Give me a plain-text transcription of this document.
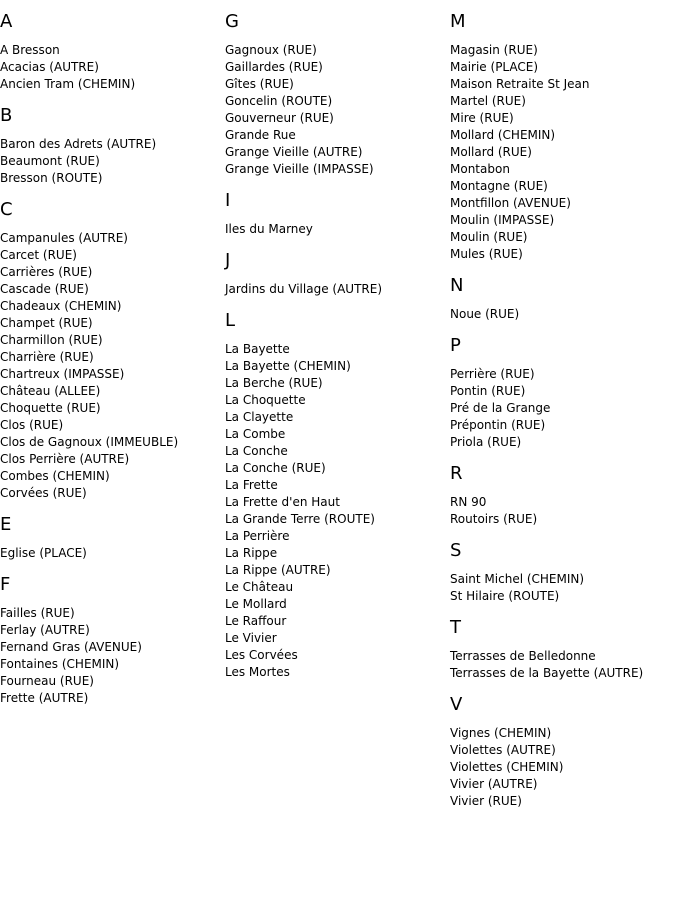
A
A Bresson
Acacias (AUTRE)
Ancien Tram (CHEMIN)
B
Baron des Adrets (AUTRE)
Beaumont (RUE)
Bresson (ROUTE)
C
Campanules (AUTRE)
Carcet (RUE)
Carrières (RUE)
Cascade (RUE)
Chadeaux (CHEMIN)
Champet (RUE)
Charmillon (RUE)
Charrière (RUE)
Chartreux (IMPASSE)
Château (ALLEE)
Choquette (RUE)
Clos (RUE)
Clos de Gagnoux (IMMEUBLE)
Clos Perrière (AUTRE)
Combes (CHEMIN)
Corvées (RUE)
E
Eglise (PLACE)
F
Failles (RUE)
Ferlay (AUTRE)
Fernand Gras (AVENUE)
Fontaines (CHEMIN)
Fourneau (RUE)
Frette (AUTRE)
G
Gagnoux (RUE)
Gaillardes (RUE)
Gîtes (RUE)
Goncelin (ROUTE)
Gouverneur (RUE)
Grande Rue
Grange Vieille (AUTRE)
Grange Vieille (IMPASSE)
I
Iles du Marney
J
Jardins du Village (AUTRE)
L
La Bayette
La Bayette (CHEMIN)
La Berche (RUE)
La Choquette
La Clayette
La Combe
La Conche
La Conche (RUE)
La Frette
La Frette d'en Haut
La Grande Terre (ROUTE)
La Perrière
La Rippe
La Rippe (AUTRE)
Le Château
Le Mollard
Le Raffour
Le Vivier
Les Corvées
Les Mortes
M
Magasin (RUE)
Mairie (PLACE)
Maison Retraite St Jean
Martel (RUE)
Mire (RUE)
Mollard (CHEMIN)
Mollard (RUE)
Montabon
Montagne (RUE)
Montfillon (AVENUE)
Moulin (IMPASSE)
Moulin (RUE)
Mules (RUE)
N
Noue (RUE)
P
Perrière (RUE)
Pontin (RUE)
Pré de la Grange
Prépontin (RUE)
Priola (RUE)
R
RN 90
Routoirs (RUE)
S
Saint Michel (CHEMIN)
St Hilaire (ROUTE)
T
Terrasses de Belledonne
Terrasses de la Bayette (AUTRE)
V
Vignes (CHEMIN)
Violettes (AUTRE)
Violettes (CHEMIN)
Vivier (AUTRE)
Vivier (RUE)
